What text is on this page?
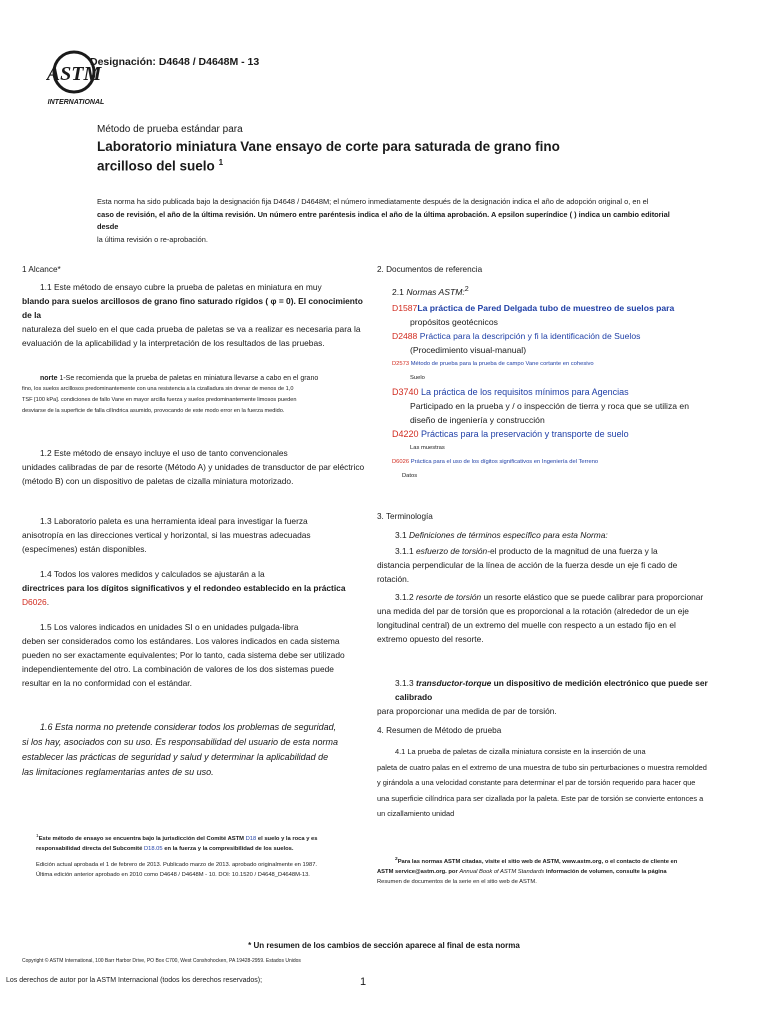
ASTM
INTERNATIONAL
Designación: D4648 / D4648M - 13
Método de prueba estándar para
Laboratorio miniatura Vane ensayo de corte para saturada de grano fino
arcilloso del suelo $^1$
Esta norma ha sido publicada bajo la designación fija D4648 / D4648M; el número inmediatamente después de la designación indica el año de adopción original o, en el
caso de revisión, el año de la última revisión. Un número entre paréntesis indica el año de la última aprobación. A epsilon superíndice ( ) indica un cambio editorial desde
la última revisión o re-aprobación.
1 Alcance*
1.1 Este método de ensayo cubre la prueba de paletas en miniatura en muy
blando para suelos arcillosos de grano fino saturado rígidos ( φ = 0). El conocimiento de la
naturaleza del suelo en el que cada prueba de paletas se va a realizar es necesaria para la
evaluación de la aplicabilidad y la interpretación de los resultados de las pruebas.
norte 1-Se recomienda que la prueba de paletas en miniatura llevarse a cabo en el grano
fino, los suelos arcillosos predominantemente con una resistencia a la cizalladura sin drenar de menos de 1,0
TSF [100 kPa]. condiciones de fallo Vane en mayor arcilla fuerza y suelos predominantemente limosos pueden
desviarse de la superficie de falla cilíndrica asumido, provocando de este modo error en la fuerza medido.
1.2 Este método de ensayo incluye el uso de tanto convencionales
unidades calibradas de par de resorte (Método A) y unidades de transductor de par eléctrico
(método B) con un dispositivo de paletas de cizalla miniatura motorizado.
1.3 Laboratorio paleta es una herramienta ideal para investigar la fuerza
anisotropía en las direcciones vertical y horizontal, si las muestras adecuadas
(especímenes) están disponibles.
1.4 Todos los valores medidos y calculados se ajustarán a la
directrices para los dígitos significativos y el redondeo establecido en la práctica D6026.
1.5 Los valores indicados en unidades SI o en unidades pulgada-libra
deben ser considerados como los estándares. Los valores indicados en cada sistema
pueden no ser exactamente equivalentes; Por lo tanto, cada sistema debe ser utilizado
independientemente del otro. La combinación de valores de los dos sistemas puede
resultar en la no conformidad con el estándar.
1.6 Esta norma no pretende considerar todos los problemas de seguridad,
si los hay, asociados con su uso. Es responsabilidad del usuario de esta norma
establecer las prácticas de seguridad y salud y determinar la aplicabilidad de
las limitaciones reglamentarias antes de su uso.
$^1$Este método de ensayo se encuentra bajo la jurisdicción del Comité ASTM D18 el suelo y la roca y es
responsabilidad directa del Subcomité D18.05 en la fuerza y la compresibilidad de los suelos.
Edición actual aprobada el 1 de febrero de 2013. Publicado marzo de 2013. aprobado originalmente en 1987.
Última edición anterior aprobado en 2010 como D4648 / D4648M - 10. DOI: 10.1520 / D4648_D4648M-13.
2. Documentos de referencia
2.1 Normas ASTM:$^2$
D1587La práctica de Pared Delgada tubo de muestreo de suelos para
propósitos geotécnicos
D2488 Práctica para la descripción y fi la identificación de Suelos
(Procedimiento visual-manual)
D2573 Método de prueba para la prueba de campo Vane cortante en cohesivo
Suelo
D3740 La práctica de los requisitos mínimos para Agencias
Participado en la prueba y / o inspección de tierra y roca que se utiliza en
diseño de ingeniería y construcción
D4220 Prácticas para la preservación y transporte de suelo
Las muestras
D6026 Práctica para el uso de los dígitos significativos en Ingeniería del Terreno
Datos
3. Terminología
3.1 Definiciones de términos específico para esta Norma:
3.1.1 esfuerzo de torsión-el producto de la magnitud de una fuerza y la
distancia perpendicular de la línea de acción de la fuerza desde un eje fi cado de
rotación.
3.1.2 resorte de torsión un resorte elástico que se puede calibrar para proporcionar
una medida del par de torsión que es proporcional a la rotación (alrededor de un eje
longitudinal central) de un extremo del muelle con respecto a un estado fijo en el
extremo opuesto del resorte.
3.1.3 transductor-torque un dispositivo de medición electrónico que puede ser calibrado
para proporcionar una medida de par de torsión.
4. Resumen de Método de prueba
4.1 La prueba de paletas de cizalla miniatura consiste en la inserción de una
paleta de cuatro palas en el extremo de una muestra de tubo sin perturbaciones o muestra remolded
y girándola a una velocidad constante para determinar el par de torsión requerido para hacer que
una superficie cilíndrica para ser cizallada por la paleta. Este par de torsión se convierte entonces a
un cizallamiento unidad
$^2$Para las normas ASTM citadas, visite el sitio web de ASTM, www.astm.org, o el contacto de cliente en
ASTM service@astm.org. por Annual Book of ASTM Standards información de volumen, consulte la página
Resumen de documentos de la serie en el sitio web de ASTM.
* Un resumen de los cambios de sección aparece al final de esta norma
Copyright © ASTM International, 100 Barr Harbor Drive, PO Box C700, West Conshohocken, PA 19428-2959. Estados Unidos
Los derechos de autor por la ASTM Internacional (todos los derechos reservados);	1
